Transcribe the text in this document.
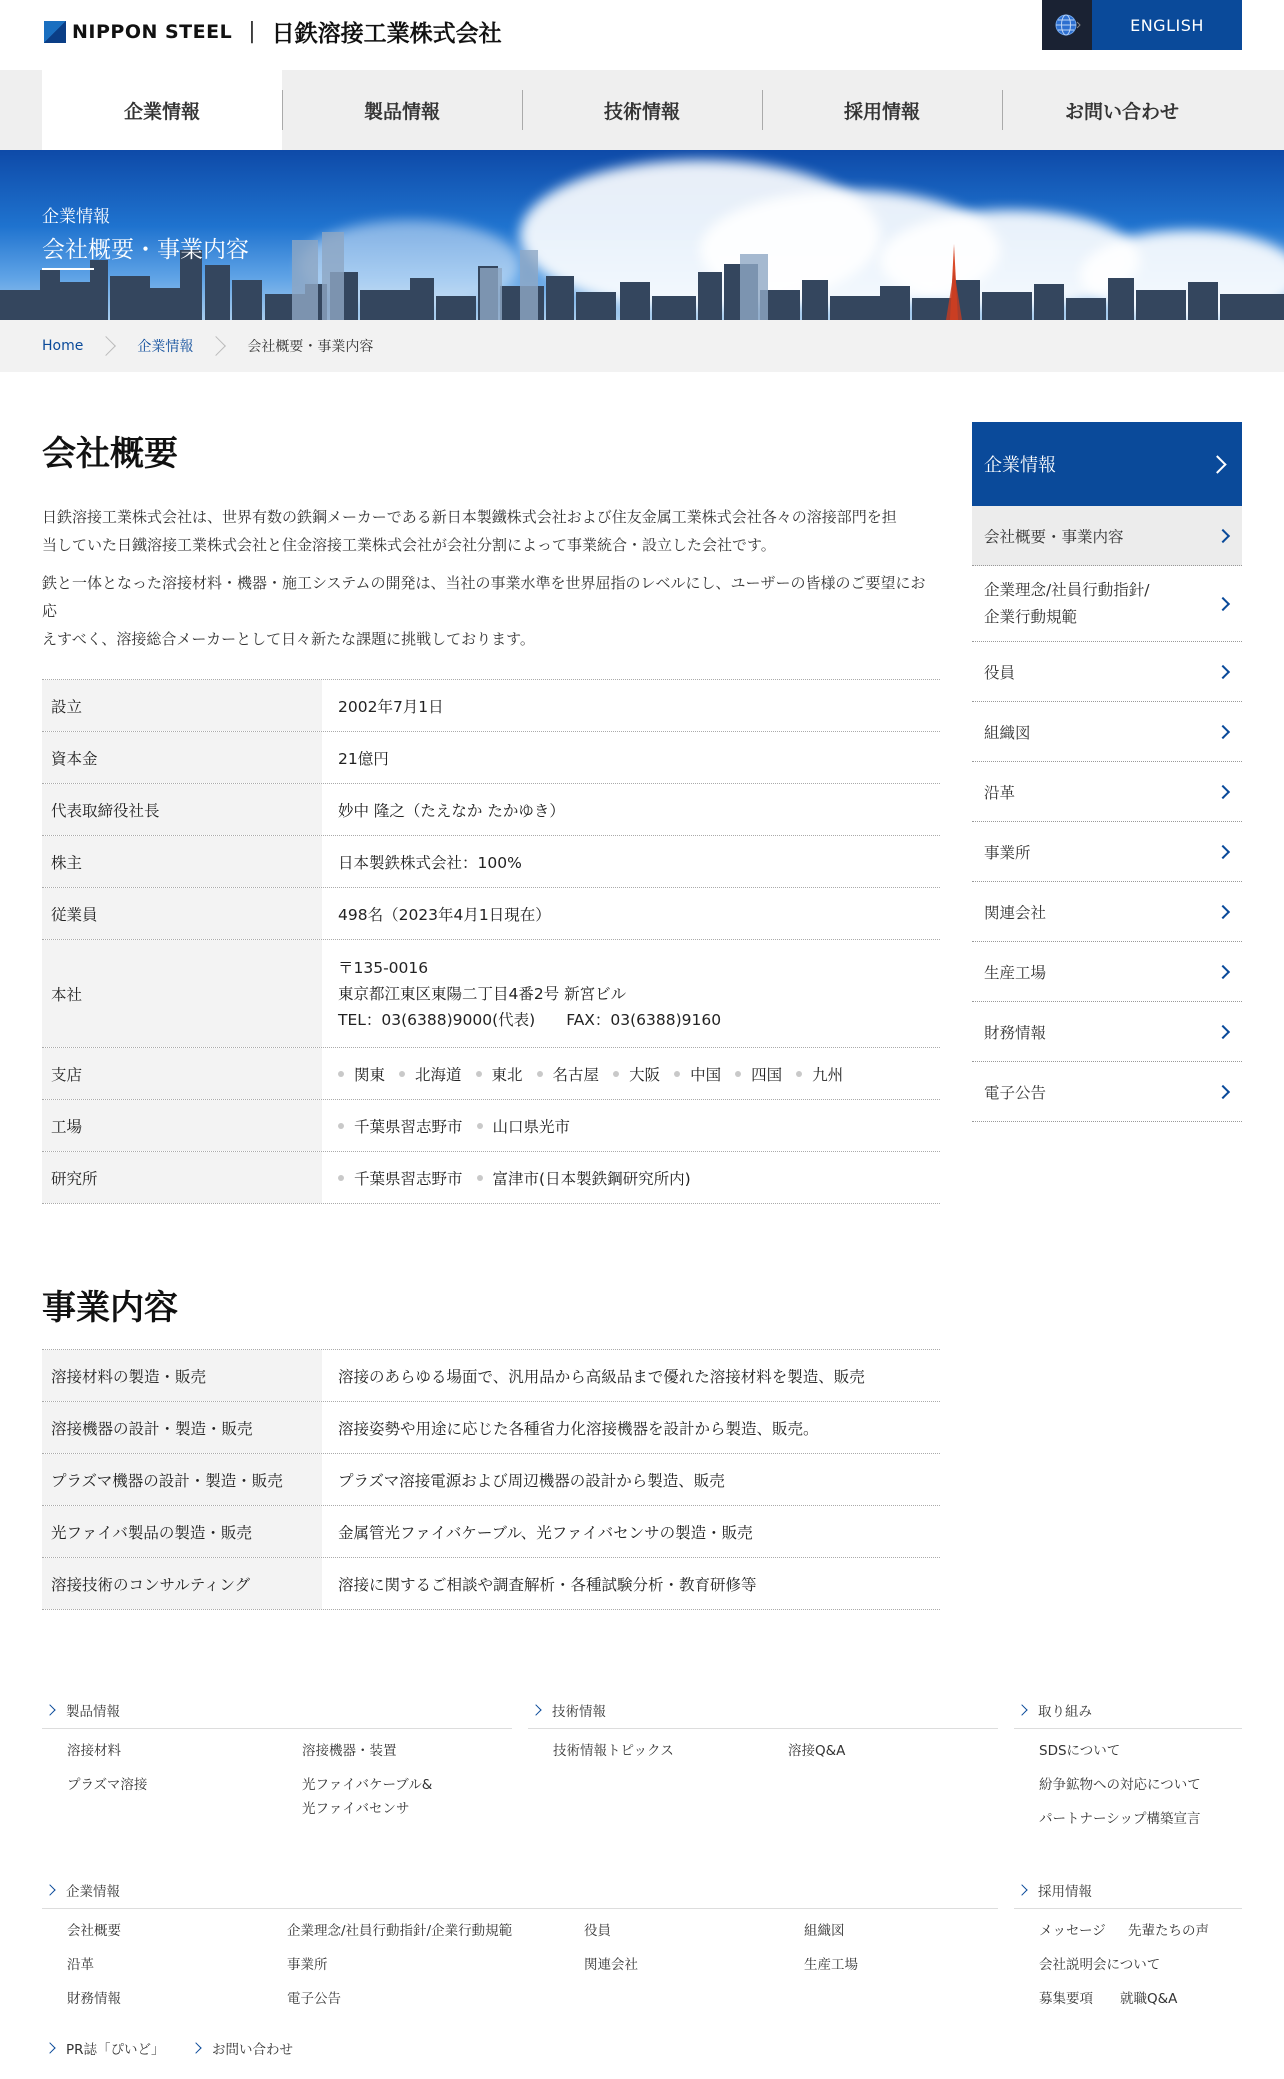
NIPPON STEEL | 日鉄溶接工業株式会社	ENGLISH
企業情報	製品情報	技術情報	採用情報	お問い合わせ
企業情報
会社概要・事業内容
Home	企業情報	会社概要・事業内容
会社概要

日鉄溶接工業株式会社は、世界有数の鉄鋼メーカーである新日本製鐵株式会社および住友金属工業株式会社各々の溶接部門を担
当していた日鐵溶接工業株式会社と住金溶接工業株式会社が会社分割によって事業統合・設立した会社です。

鉄と一体となった溶接材料・機器・施工システムの開発は、当社の事業水準を世界屈指のレベルにし、ユーザーの皆様のご要望にお応
えすべく、溶接総合メーカーとして日々新たな課題に挑戦しております。

設立	2002年7月1日
資本金	21億円
代表取締役社長	妙中 隆之（たえなか たかゆき）
株主	日本製鉄株式会社：100%
従業員	498名（2023年4月1日現在）
本社
〒135-0016
東京都江東区東陽二丁目4番2号 新宮ビル
TEL：03(6388)9000(代表)　　FAX：03(6388)9160
支店	関東	北海道	東北	名古屋	大阪	中国	四国	九州
工場	千葉県習志野市	山口県光市
研究所	千葉県習志野市	富津市(日本製鉄鋼研究所内)
事業内容
溶接材料の製造・販売	溶接のあらゆる場面で、汎用品から高級品まで優れた溶接材料を製造、販売
溶接機器の設計・製造・販売	溶接姿勢や用途に応じた各種省力化溶接機器を設計から製造、販売。
プラズマ機器の設計・製造・販売	プラズマ溶接電源および周辺機器の設計から製造、販売
光ファイバ製品の製造・販売	金属管光ファイバケーブル、光ファイバセンサの製造・販売
溶接技術のコンサルティング	溶接に関するご相談や調査解析・各種試験分析・教育研修等
企業情報
会社概要・事業内容
企業理念/社員行動指針/
企業行動規範
役員
組織図
沿革
事業所
関連会社
生産工場
財務情報
電子公告
製品情報
溶接材料	溶接機器・装置
プラズマ溶接	光ファイバケーブル&
光ファイバセンサ
技術情報
技術情報トピックス	溶接Q&A
取り組み
SDSについて
紛争鉱物への対応について
パートナーシップ構築宣言
企業情報
会社概要	企業理念/社員行動指針/企業行動規範	役員	組織図
沿革	事業所	関連会社	生産工場
財務情報	電子公告
採用情報
メッセージ 先輩たちの声
会社説明会について
募集要項 就職Q&A
PR誌「ぴいど」	お問い合わせ
